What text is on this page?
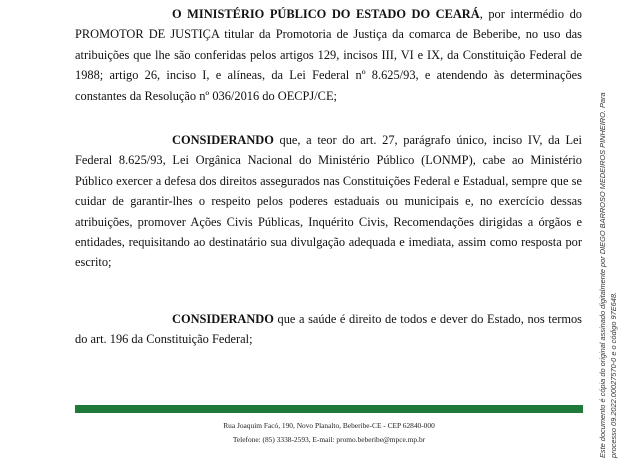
O MINISTÉRIO PÚBLICO DO ESTADO DO CEARÁ, por intermédio do PROMOTOR DE JUSTIÇA titular da Promotoria de Justiça da comarca de Beberibe, no uso das atribuições que lhe são conferidas pelos artigos 129, incisos III, VI e IX, da Constituição Federal de 1988; artigo 26, inciso I, e alíneas, da Lei Federal nº 8.625/93, e atendendo às determinações constantes da Resolução nº 036/2016 do OECPJ/CE;

CONSIDERANDO que, a teor do art. 27, parágrafo único, inciso IV, da Lei Federal 8.625/93, Lei Orgânica Nacional do Ministério Público (LONMP), cabe ao Ministério Público exercer a defesa dos direitos assegurados nas Constituições Federal e Estadual, sempre que se cuidar de garantir-lhes o respeito pelos poderes estaduais ou municipais e, no exercício dessas atribuições, promover Ações Civis Públicas, Inquérito Civis, Recomendações dirigidas a órgãos e entidades, requisitando ao destinatário sua divulgação adequada e imediata, assim como resposta por escrito;

CONSIDERANDO que a saúde é direito de todos e dever do Estado, nos termos do art. 196 da Constituição Federal;

Rua Joaquim Facó, 190, Novo Planalto, Beberibe-CE - CEP 62840-000
Telefone: (85) 3338-2593, E-mail: promo.beberibe@mpce.mp.br	Este documento é cópia do original assinado digitalmente por DIEGO BARROSO MEDEIROS PINHEIRO. Para processo 09.2022.00027570-0 e o código 97E648.
